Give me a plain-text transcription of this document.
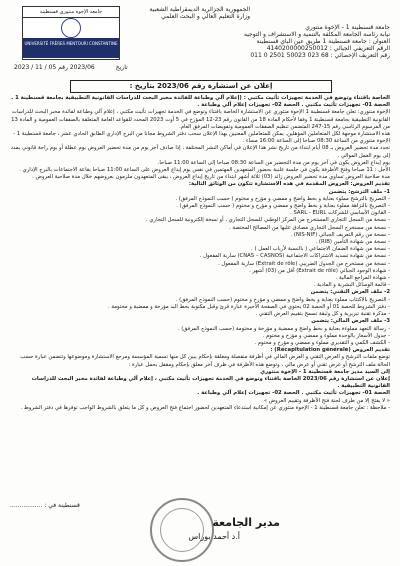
الجمهورية الجزائرية الديمقراطية الشعبية
وزارة التعليم العالي و البحث العلمي
جامعة قسنطينة 1 - الإخوة منتوري
نيابة رئاسة الجامعة المكلفة بالتنمية و الاستشراف و التوجيه
العنوان : جامعة قسنطينة 1 طريق عين الباي قسنطينة
الرقم التعريفي الجبائي : 4140200000250012
رقم التعريف الإحصائي : 68 023 50023 2501 0 011
جامعة الإخوة منتوري قسنطينة
UNIVERSITÉ FRÈRES MENTOURI CONSTANTINE
2023 / 11 / 05	تاريخ           2023/06 رقم
إعلان عن استشارة رقم 2023/06 بتاريخ :

الخاصة باقتناء وتوضع في الخدمة تجهيزات تأثيث مكتبي : (إعلام آلي وطباعة للفائدة مخبر البحث للدراسات القانونية التطبيقية بجامعة قسنطينة 1 .

الحصة 01- تجهيزات تأثيث مكتبي . الحصة 02- تجهيزات إعلام آلي وطباعة .

الإخوة منتوري: تعلن جامعة قسنطينة 1 الإخوة منتوري عن الاستشارة الخاصة باقتناء وتوضع في الخدمة تجهيزات تأثيث مكتبي ، إعلام آلي وطباعة لفائدة مخبر البحث للدراسات القانونية التطبيقية بجامعة قسنطينة 1 وفقا لأحكام المادة 18 من القانون رقم 23-12 المؤرخ في 5 أوت 2023 المحدد للقواعد العامة المتعلقة بالصفقات العمومية و المادة 13 من المرسوم الرئاسي رقم 15-247 المتضمن تنظيم الصفقات العمومية وتفويضات المرفق العام.

هذه الاستشارة موجهة لكل المتعاملين المؤهلين. يمكن للمتعاملين المعنيين بهذا الإعلان سحب دفتر الشروط مجانا من البرج الإداري الطابق الحادي عشر ، جامعة قسنطينة 1 - الإخوة منتوري من الساعة 08:30 صباحا إلى الساعة 16:00 مساء .

تحدد مدة تحضير العروض بـ 08 أيام ابتداء من تاريخ نشر هذا الإعلان في أماكن النشر المختلفة ، إذا صادف آخر يوم من مدة تحضير العروض يوم عطلة أو يوم راحة قانوني يمدد إلى يوم العمل الموالي .

يوم إيداع العروض يكون في آخر يوم من مدة التحضير من الساعة 08:30 صباحا إلى الساعة 11:00 صباحا.

الأجل : 11 صباحا وفتح الأظرفة يكون في جلسة علنية بحضور المتعهدين المهتمين في نفس يوم إيداع العروض على الساعة 11:00 صباحا بقاعة الاجتماعات بالبرج الإداري .

مدة صلاحية العروض تساوي مدة تحضير العروض زائد (03) ثلاثة أشهر ابتداء من تاريخ إيداع العروض ، يبقى المتعهدون ملزمون بعروضهم خلال مدة صلاحية العروض .

تقديم العروض: العروض المقدمة في هذه الاستشارة تتكون من الوثائق التالية:

1- ملف الترشح: يتضمن

- التصريح بالترشح مملوء بعناية و بخط واضح و ممضي و مؤرخ و مختوم ( حسب النموذج المرفق) .

- التصريح بالنزاهة مملوء بعناية و بخط واضح و ممضي و مؤرخ و مختوم ( حسب النموذج المرفق) .

- القانون الأساسي للشركات SARL - EURL .

- نسخة من السجل التجاري المستخرج من المركز الوطني للسجل التجاري ، أو نسخة إلكترونية للسجل التجاري .

- نسخة من مستخرج السجل التجاري مصادق عليها من المصالح المختصة .

- نسخة من رقم التعريف الجبائي (NIS-NIF) .

- نسخة من شهادة التأمين (RIB) .

- نسخة من شهادة الضمان الاجتماعي ( بالنسبة لأرباب العمل ) .

- نسخة من شهادة تسديد الاشتراكات الاجتماعية (CNAS – CASNOS) سارية المفعول .

- نسخة من مستخرج من الجدول الضريبي (Extrait de rôle) سارية المفعول .

- شهادة الوجود الجبائي (Extrait de rôle) أقل من (03) أشهر .

- شهادة المراجع المالية .

- قائمة الوسائل البشرية و المادية .

2- ملف العرض التقني: يتضمن

- التصريح بالاكتتاب مملوء بعناية و بخط واضح و ممضي و مؤرخ و مختوم (حسب النموذج المرفق) .

- دفتر الشروط للحصة 01 أو الحصة 02 يحتوي في الصفحة الأخيرة عبارة قرئ وقبل مكتوبة بخط اليد مؤرخة و ممضية و مختومة .

- مذكرة تقنية تبريرية و كل وثيقة تسمح بتقييم العرض التقني .

3- ملف العرض المالي: يتضمن

- رسالة التعهد مملوءة بعناية و بخط واضح و ممضية و مؤرخة و مختومة (حسب النموذج المرفق) .

- جدول الأسعار بالوحدة مملوء و ممضي و مؤرخ و مختوم .

- الكشف الكمي و التقديري مملوء و ممضي و مؤرخ و مختوم .

تقديم العروض (Récapitulation générale) :

توضع ملفات الترشح و العرض التقني و العرض المالي في أظرفة منفصلة ومغلقة بإحكام يبين كل منها تسمية المؤسسة ومرجع الاستشارة وموضوعها وتتضمن عبارة حسب الحالة ملف الترشح أو عرض تقني أو عرض مالي ، وتوضع هذه الأظرفة في ظرف آخر مغلق بإحكام ومقفل يحمل عبارة :

إلى السيد مدير جامعة قسنطينة 1 - الإخوة منتوري

إعلان عن استشارة رقم 2023/06 الخاصة باقتناء وتوضع في الخدمة تجهيزات تأثيث مكتبي ، إعلام آلي وطباعة لفائدة مخبر البحث للدراسات القانونية التطبيقية .

الحصة 01- تجهيزات تأثيث مكتبي . الحصة 02- تجهيزات إعلام آلي وطباعة .

« لا يفتح إلا من طرف لجنة فتح الأظرفة وتقييم العروض »

- ملاحظة : تعلن جامعة قسنطينة 1 - الإخوة منتوري عن إمكانية استدعاء المتعهدين لحضور اجتماع فتح العروض و كل ما يتعلق بالشروط الواجب توفرها في دفتر الشروط .

قسنطينة في : .................
مدير الجامعة
أ.د أحمد بوراس
